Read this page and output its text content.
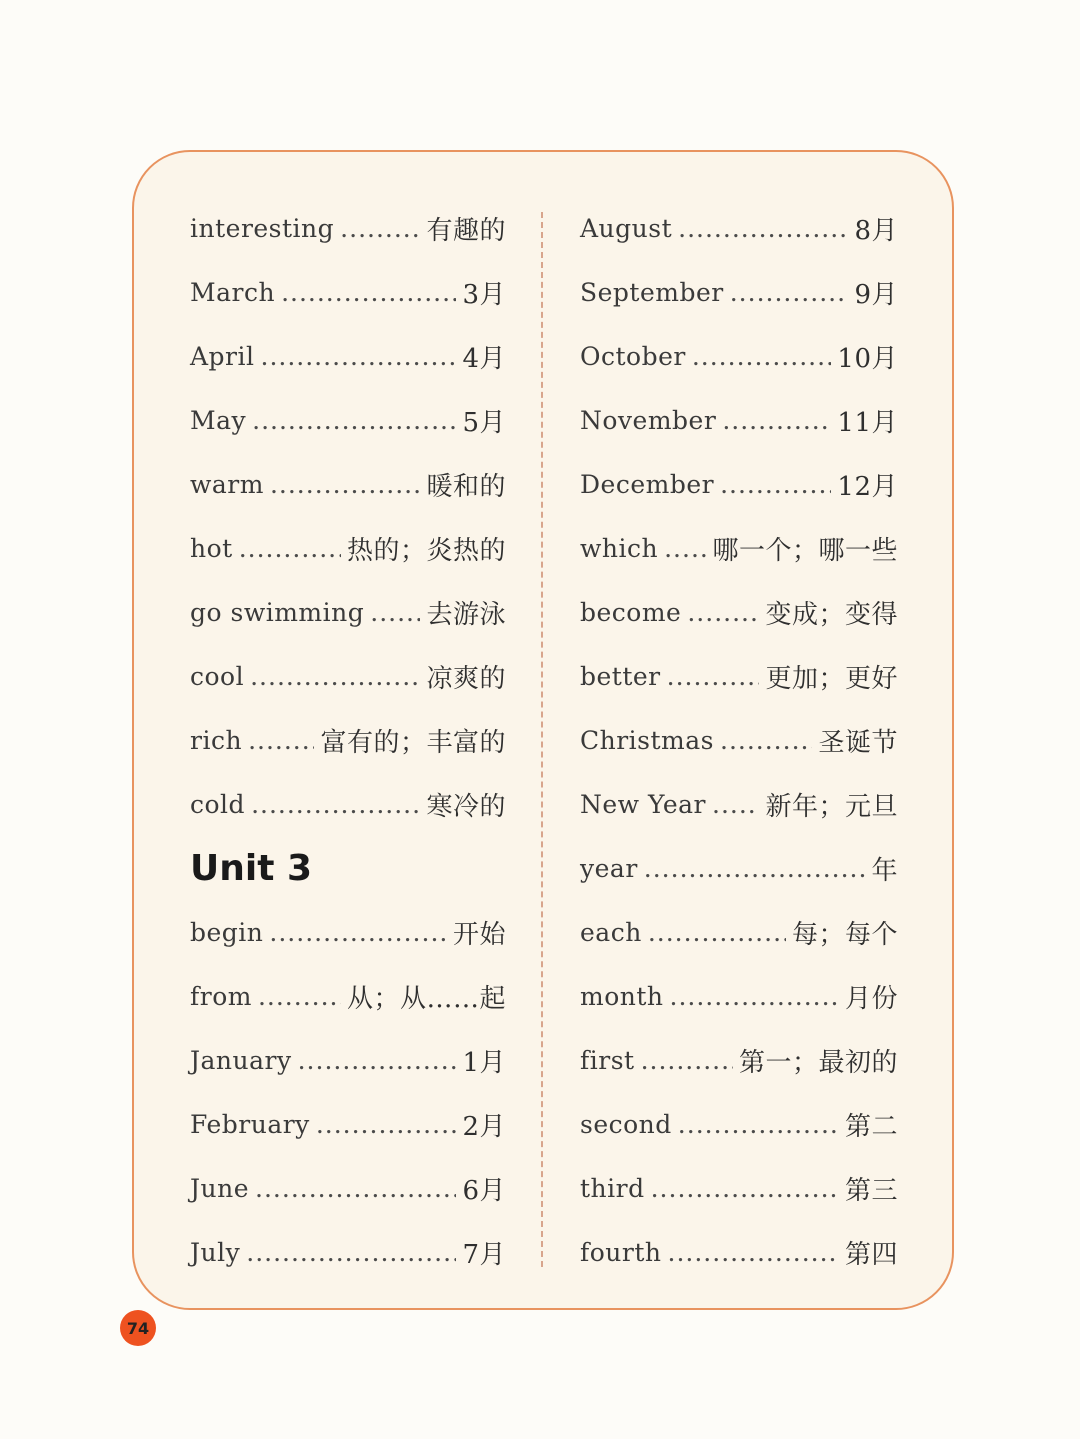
interesting .....	有趣的
March .....	3月
April .....	4月
May .....	5月
warm .....	暖和的
hot .....	热的；炎热的
go swimming ..... 去游泳
cool .....	凉爽的
rich .....	富有的；丰富的
cold .....	寒冷的
Unit 3
begin .....	开始
from .....	从；从……起
January .....	1月
February .....	2月
June .....	6月
July .....	7月
August .....	8月
September .....	9月
October .....	10月
November .....	11月
December .....	12月
which ..... 哪一个；哪一些
become .....	变成；变得
better .....	更加；更好
Christmas .....	圣诞节
New Year ..... 新年；元旦
year .....	年
each .....	每；每个
month .....	月份
first .....	第一；最初的
second .....	第二
third .....	第三
fourth .....	第四
74
